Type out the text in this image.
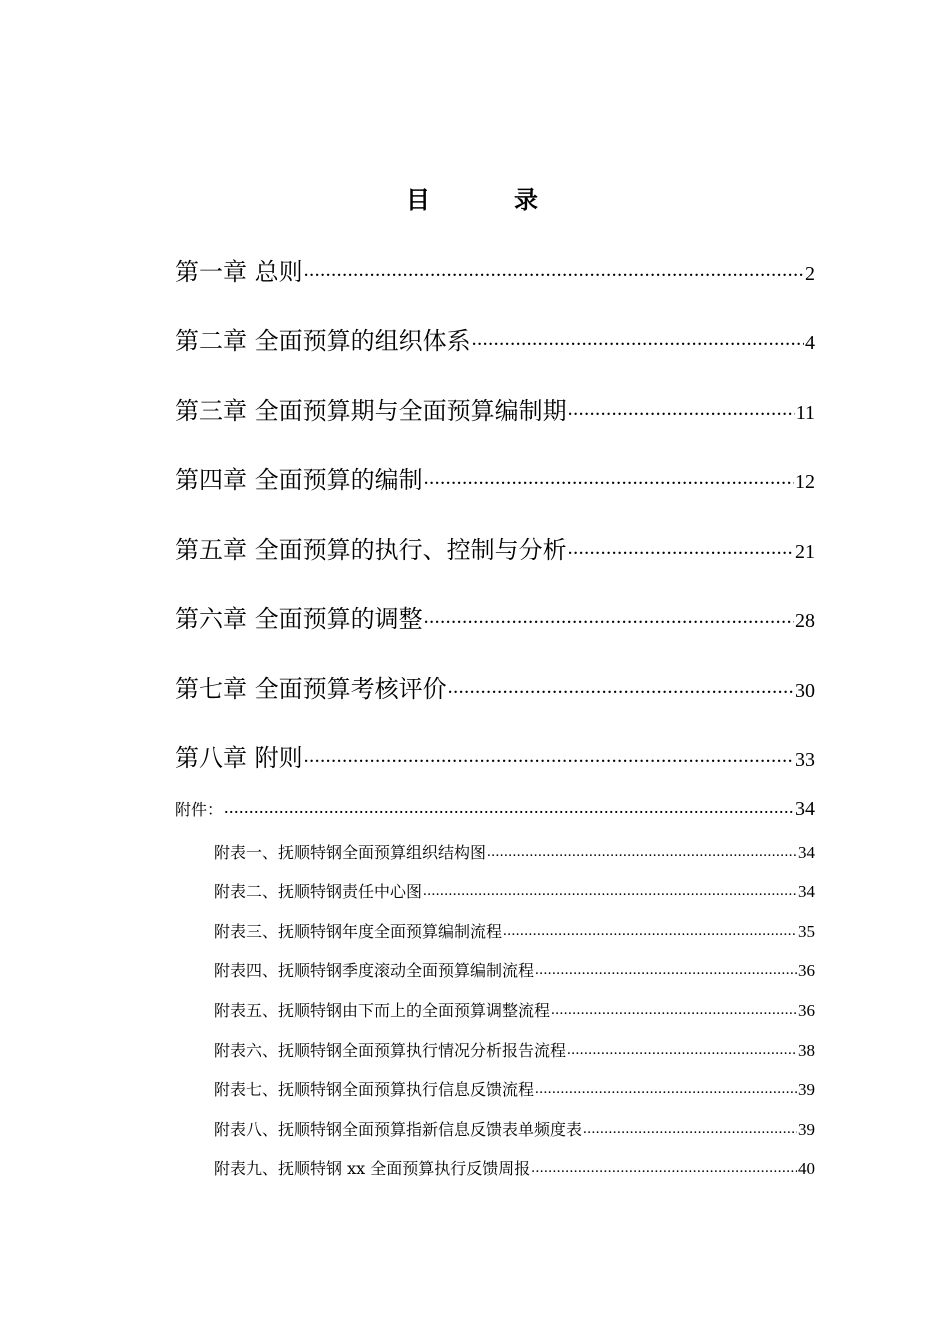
目　录
第一章 总则 .....	2
第二章 全面预算的组织体系 .....	4
第三章 全面预算期与全面预算编制期 .....	11
第四章 全面预算的编制 .....	12
第五章 全面预算的执行、控制与分析 .....	21
第六章 全面预算的调整 .....	28
第七章 全面预算考核评价 .....	30
第八章 附则 .....	33
附件： .....	34
附表一、抚顺特钢全面预算组织结构图 .....	34
附表二、抚顺特钢责任中心图 .....	34
附表三、抚顺特钢年度全面预算编制流程 .....	35
附表四、抚顺特钢季度滚动全面预算编制流程 .....	36
附表五、抚顺特钢由下而上的全面预算调整流程 .....	36
附表六、抚顺特钢全面预算执行情况分析报告流程 .....	38
附表七、抚顺特钢全面预算执行信息反馈流程 .....	39
附表八、抚顺特钢全面预算指新信息反馈表单频度表 .....	39
附表九、抚顺特钢 xx 全面预算执行反馈周报 .....	40
